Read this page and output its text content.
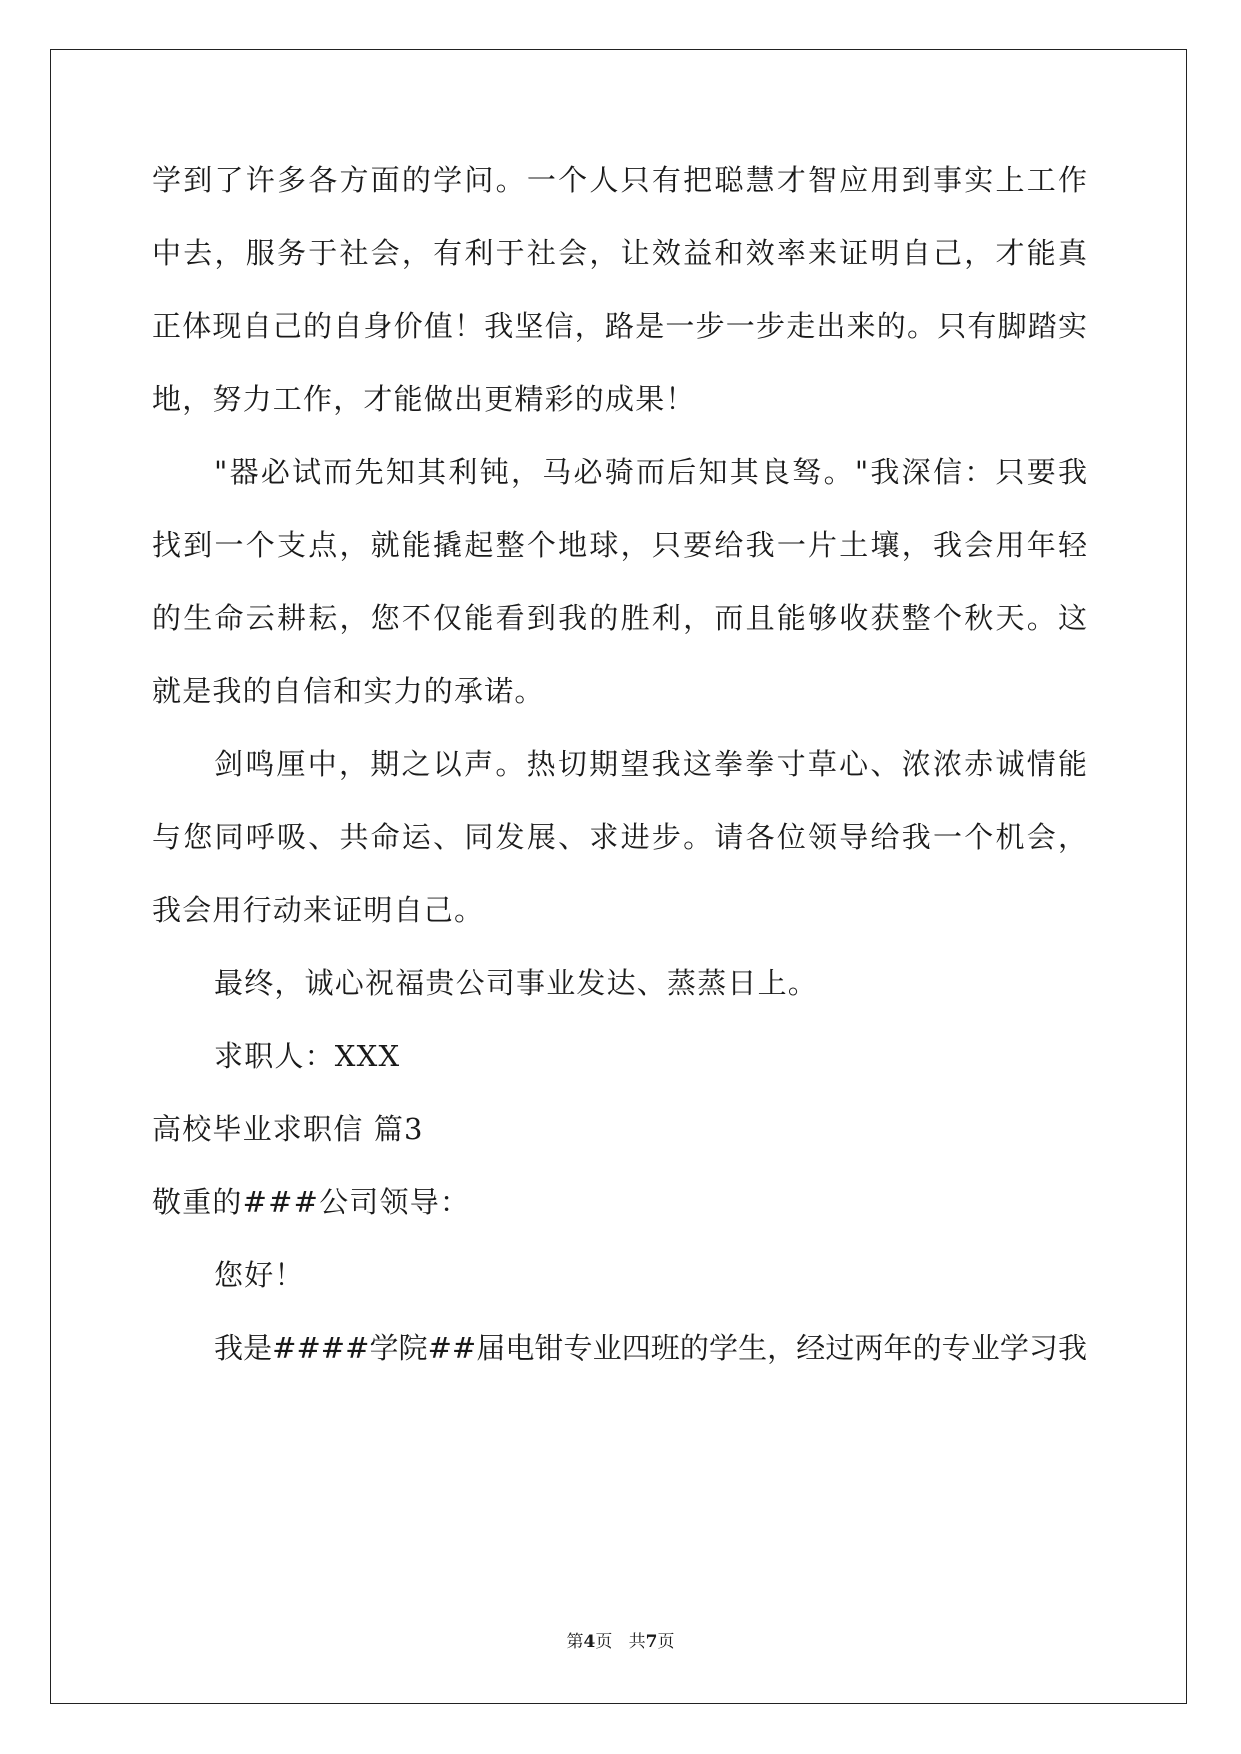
学到了许多各方面的学问。一个人只有把聪慧才智应用到事实上工作
中去，服务于社会，有利于社会，让效益和效率来证明自己，才能真
正体现自己的自身价值！我坚信，路是一步一步走出来的。只有脚踏实
地，努力工作，才能做出更精彩的成果！
"器必试而先知其利钝，马必骑而后知其良驽。"我深信：只要我
找到一个支点，就能撬起整个地球，只要给我一片土壤，我会用年轻
的生命云耕耘，您不仅能看到我的胜利，而且能够收获整个秋天。这
就是我的自信和实力的承诺。
剑鸣厘中，期之以声。热切期望我这拳拳寸草心、浓浓赤诚情能
与您同呼吸、共命运、同发展、求进步。请各位领导给我一个机会，
我会用行动来证明自己。
最终，诚心祝福贵公司事业发达、蒸蒸日上。
求职人：XXX
高校毕业求职信 篇3
敬重的###公司领导：
您好！
我是####学院##届电钳专业四班的学生，经过两年的专业学习我
第4页 共7页
